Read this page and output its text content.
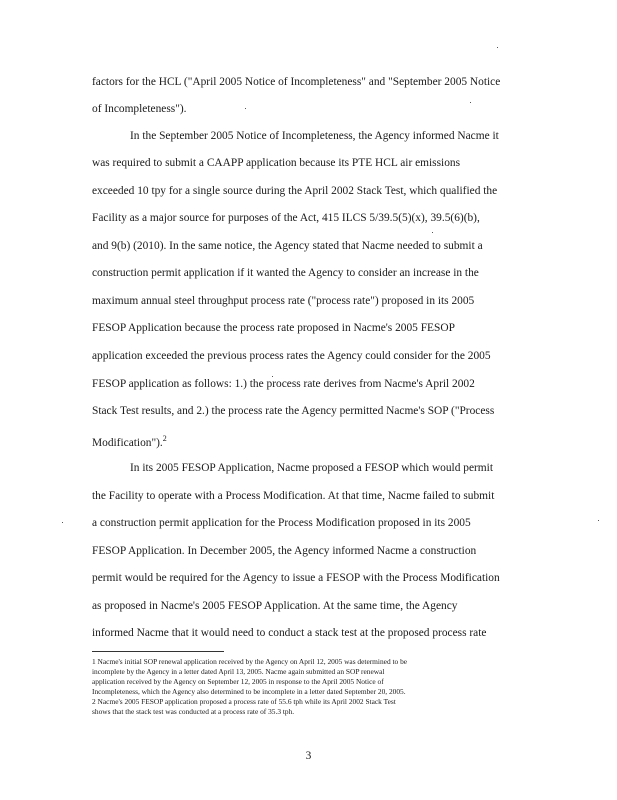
factors for the HCL ("April 2005 Notice of Incompleteness" and "September 2005 Notice
of Incompleteness").
In the September 2005 Notice of Incompleteness, the Agency informed Nacme it
was required to submit a CAAPP application because its PTE HCL air emissions
exceeded 10 tpy for a single source during the April 2002 Stack Test, which qualified the
Facility as a major source for purposes of the Act, 415 ILCS 5/39.5(5)(x), 39.5(6)(b),
and 9(b) (2010). In the same notice, the Agency stated that Nacme needed to submit a
construction permit application if it wanted the Agency to consider an increase in the
maximum annual steel throughput process rate ("process rate") proposed in its 2005
FESOP Application because the process rate proposed in Nacme's 2005 FESOP
application exceeded the previous process rates the Agency could consider for the 2005
FESOP application as follows: 1.) the process rate derives from Nacme's April 2002
Stack Test results, and 2.) the process rate the Agency permitted Nacme's SOP ("Process
Modification").$^2$
In its 2005 FESOP Application, Nacme proposed a FESOP which would permit
the Facility to operate with a Process Modification. At that time, Nacme failed to submit
a construction permit application for the Process Modification proposed in its 2005
FESOP Application. In December 2005, the Agency informed Nacme a construction
permit would be required for the Agency to issue a FESOP with the Process Modification
as proposed in Nacme's 2005 FESOP Application. At the same time, the Agency
informed Nacme that it would need to conduct a stack test at the proposed process rate
1 Nacme's initial SOP renewal application received by the Agency on April 12, 2005 was determined to be
incomplete by the Agency in a letter dated April 13, 2005. Nacme again submitted an SOP renewal
application received by the Agency on September 12, 2005 in response to the April 2005 Notice of
Incompleteness, which the Agency also determined to be incomplete in a letter dated September 20, 2005.
2 Nacme's 2005 FESOP application proposed a process rate of 55.6 tph while its April 2002 Stack Test
shows that the stack test was conducted at a process rate of 35.3 tph.
3
